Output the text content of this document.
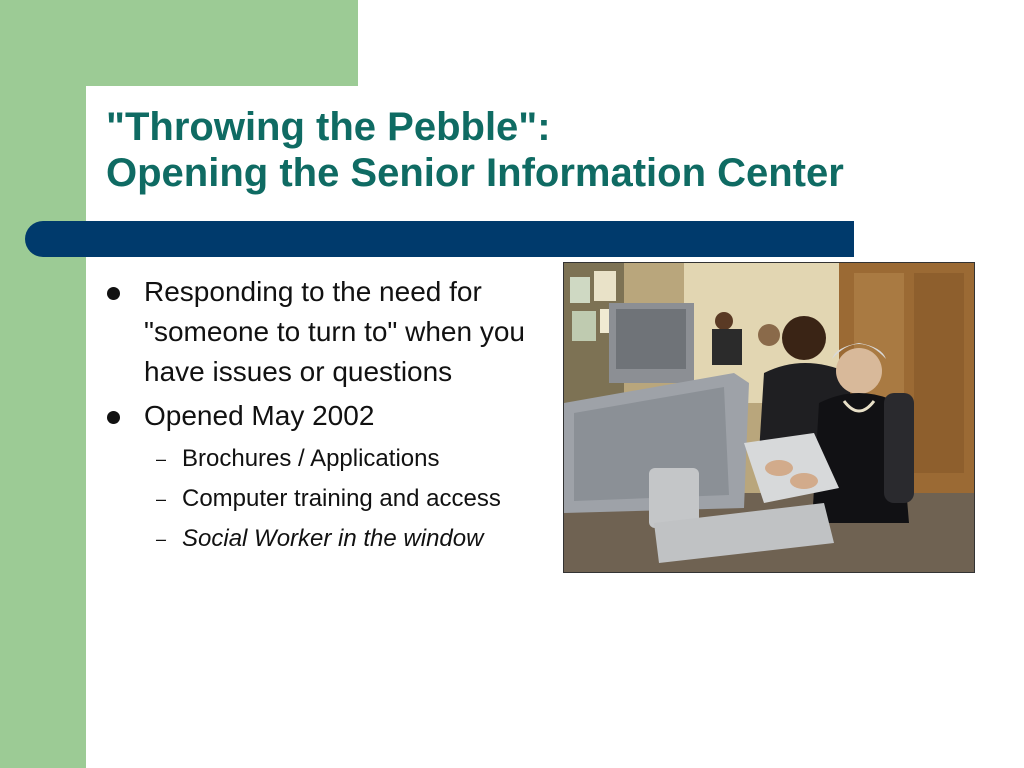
"Throwing the Pebble":
Opening the Senior Information Center
Responding to the need for "someone to turn to" when you have issues or questions
Opened May 2002
– Brochures / Applications
– Computer training and access
– Social Worker in the window
